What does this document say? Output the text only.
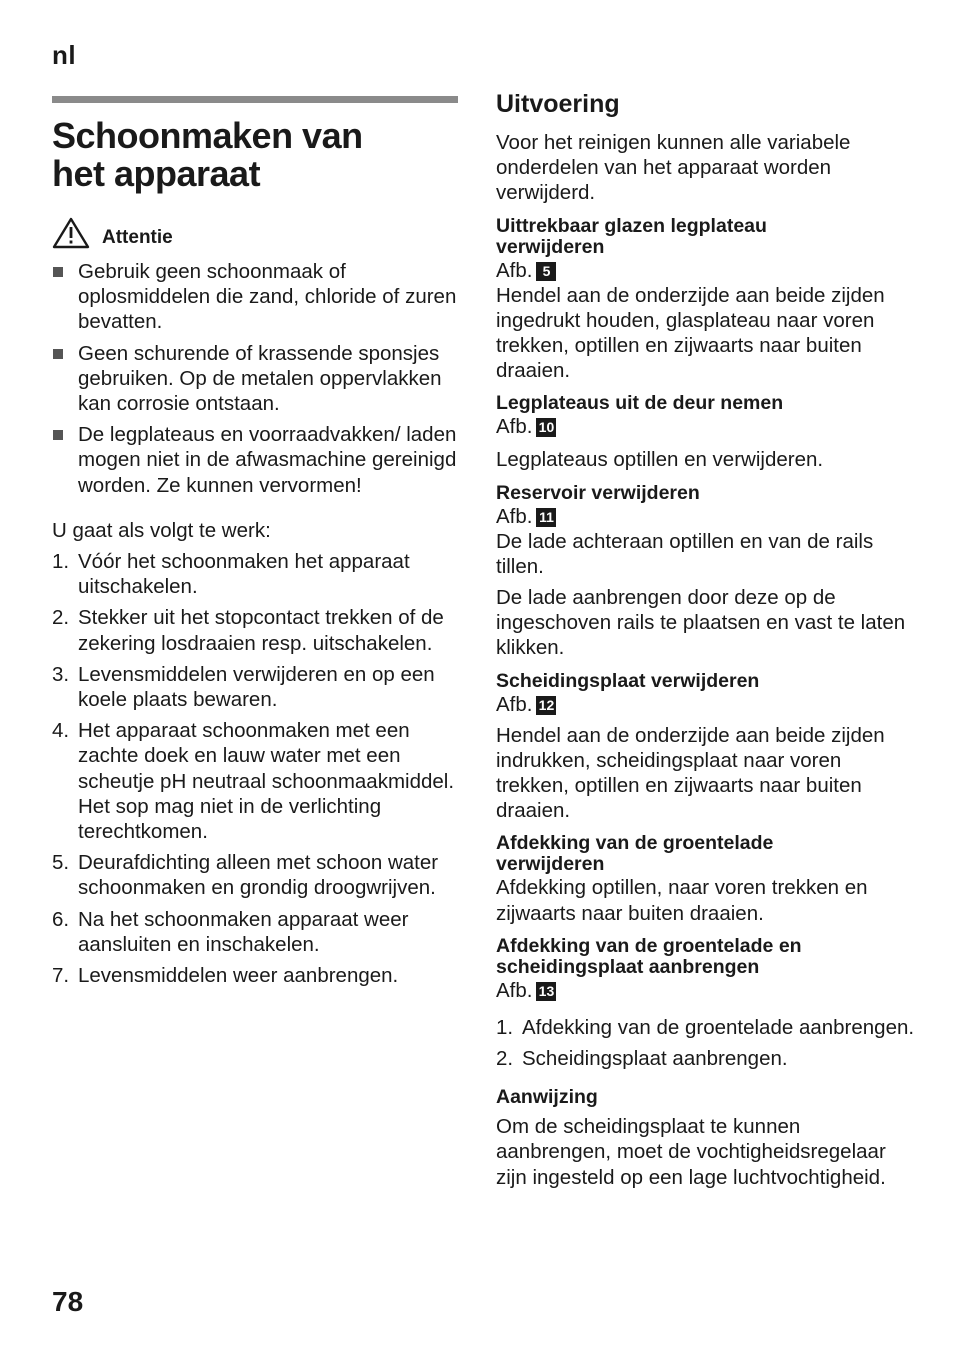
nl
Schoonmaken van
het apparaat
Attentie
Gebruik geen schoonmaak of oplosmiddelen die zand, chloride of zuren bevatten.
Geen schurende of krassende sponsjes gebruiken. Op de metalen oppervlakken kan corrosie ontstaan.
De legplateaus en voorraadvakken/ laden mogen niet in de afwasmachine gereinigd worden. Ze kunnen vervormen!

U gaat als volgt te werk:

1. Vóór het schoonmaken het apparaat uitschakelen.
2. Stekker uit het stopcontact trekken of de zekering losdraaien resp. uitschakelen.
3. Levensmiddelen verwijderen en op een koele plaats bewaren.
4. Het apparaat schoonmaken met een zachte doek en lauw water met een scheutje pH neutraal schoonmaakmiddel. Het sop mag niet in de verlichting terechtkomen.
5. Deurafdichting alleen met schoon water schoonmaken en grondig droogwrijven.
6. Na het schoonmaken apparaat weer aansluiten en inschakelen.
7. Levensmiddelen weer aanbrengen.
Uitvoering

Voor het reinigen kunnen alle variabele onderdelen van het apparaat worden verwijderd.

Uittrekbaar glazen legplateau
verwijderen
Afb. 5

Hendel aan de onderzijde aan beide zijden ingedrukt houden, glasplateau naar voren trekken, optillen en zijwaarts naar buiten draaien.

Legplateaus uit de deur nemen
Afb. 10

Legplateaus optillen en verwijderen.

Reservoir verwijderen
Afb. 11

De lade achteraan optillen en van de rails tillen.

De lade aanbrengen door deze op de ingeschoven rails te plaatsen en vast te laten klikken.

Scheidingsplaat verwijderen
Afb. 12

Hendel aan de onderzijde aan beide zijden indrukken, scheidingsplaat naar voren trekken, optillen en zijwaarts naar buiten draaien.

Afdekking van de groentelade
verwijderen

Afdekking optillen, naar voren trekken en zijwaarts naar buiten draaien.

Afdekking van de groentelade en
scheidingsplaat aanbrengen
Afb. 13
1. Afdekking van de groentelade aanbrengen.
2. Scheidingsplaat aanbrengen.
Aanwijzing

Om de scheidingsplaat te kunnen aanbrengen, moet de vochtigheidsregelaar zijn ingesteld op een lage luchtvochtigheid.

78
